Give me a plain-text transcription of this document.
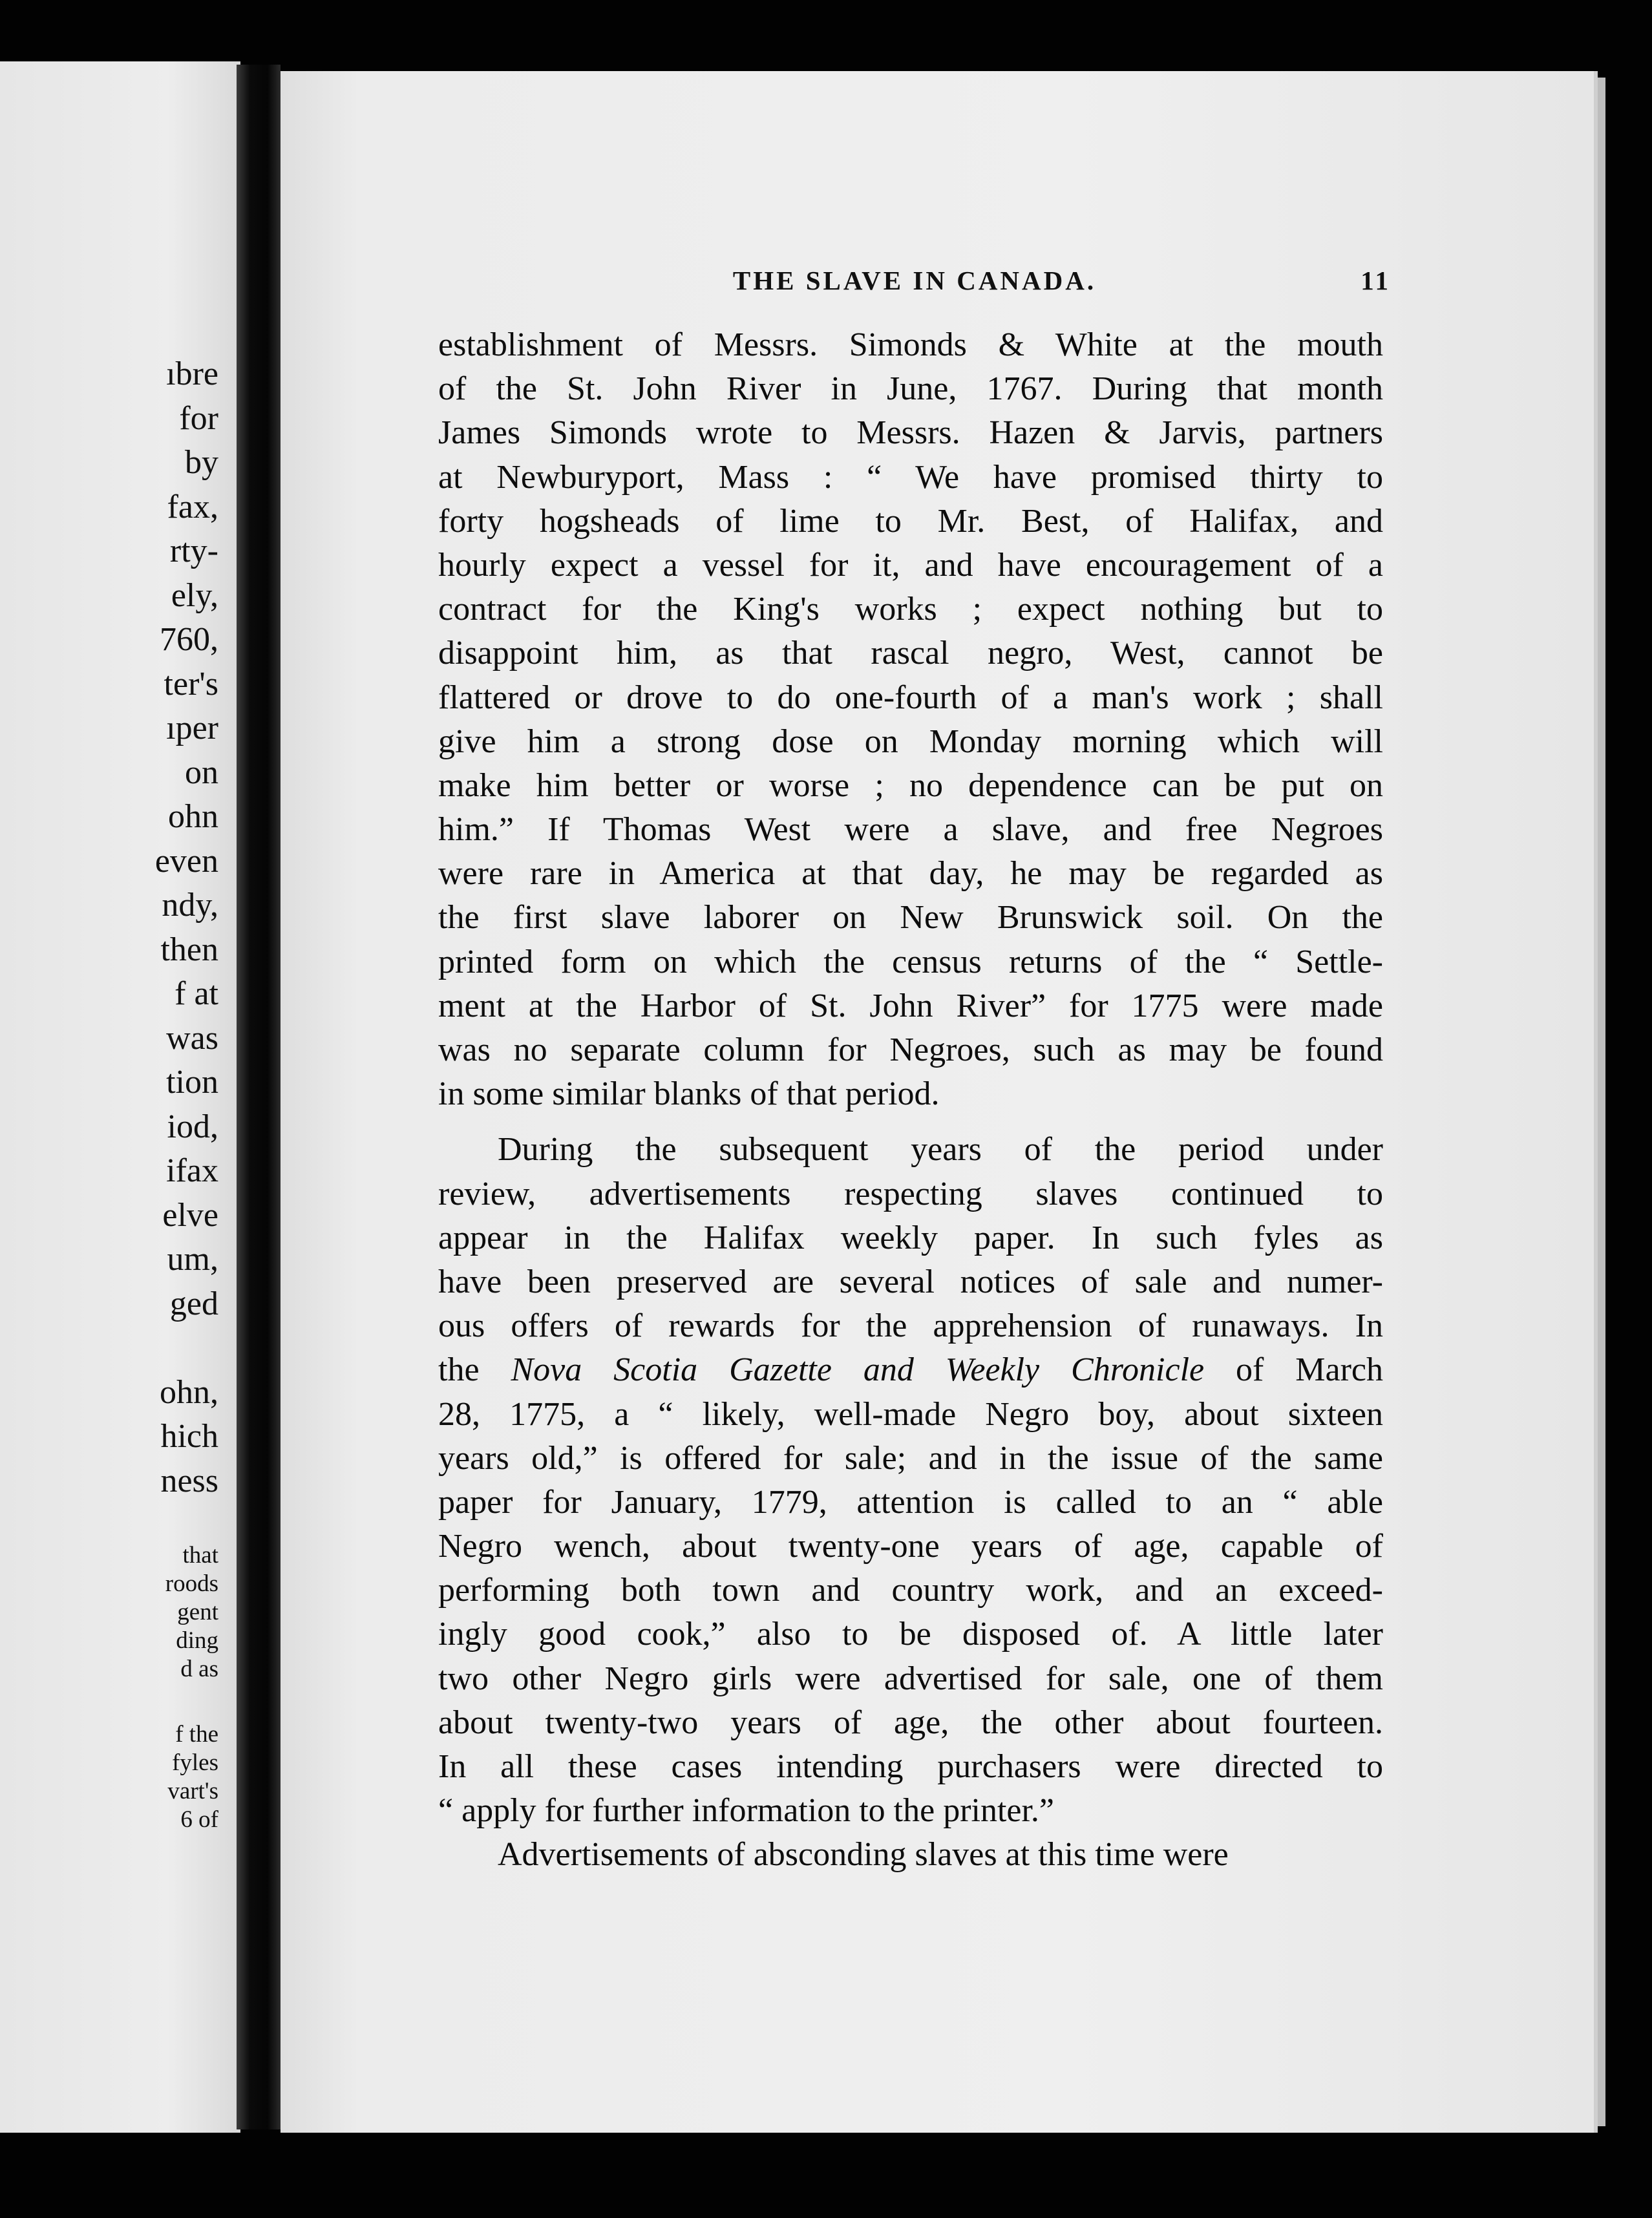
ıbre
for
by
fax,
rty-
ely,
760,
ter's
ıper
on
ohn
even
ndy,
then
f at
was
tion
iod,
ifax
elve
um,
ged

ohn,
hich
ness
that
roods
gent
ding
d as
f the
fyles
vart's
6 of
THE SLAVE IN CANADA.	11
establishment of Messrs. Simonds & White at the mouth
of the St. John River in June, 1767. During that month
James Simonds wrote to Messrs. Hazen & Jarvis, partners
at Newburyport, Mass : “ We have promised thirty to
forty hogsheads of lime to Mr. Best, of Halifax, and
hourly expect a vessel for it, and have encouragement of a
contract for the King's works ; expect nothing but to
disappoint him, as that rascal negro, West, cannot be
flattered or drove to do one-fourth of a man's work ; shall
give him a strong dose on Monday morning which will
make him better or worse ; no dependence can be put on
him.” If Thomas West were a slave, and free Negroes
were rare in America at that day, he may be regarded as
the first slave laborer on New Brunswick soil. On the
printed form on which the census returns of the “ Settle-
ment at the Harbor of St. John River” for 1775 were made
was no separate column for Negroes, such as may be found
in some similar blanks of that period.
During the subsequent years of the period under
review, advertisements respecting slaves continued to
appear in the Halifax weekly paper. In such fyles as
have been preserved are several notices of sale and numer-
ous offers of rewards for the apprehension of runaways. In
the Nova Scotia Gazette and Weekly Chronicle of March
28, 1775, a “ likely, well-made Negro boy, about sixteen
years old,” is offered for sale; and in the issue of the same
paper for January, 1779, attention is called to an “ able
Negro wench, about twenty-one years of age, capable of
performing both town and country work, and an exceed-
ingly good cook,” also to be disposed of. A little later
two other Negro girls were advertised for sale, one of them
about twenty-two years of age, the other about fourteen.
In all these cases intending purchasers were directed to
“ apply for further information to the printer.”
Advertisements of absconding slaves at this time were
